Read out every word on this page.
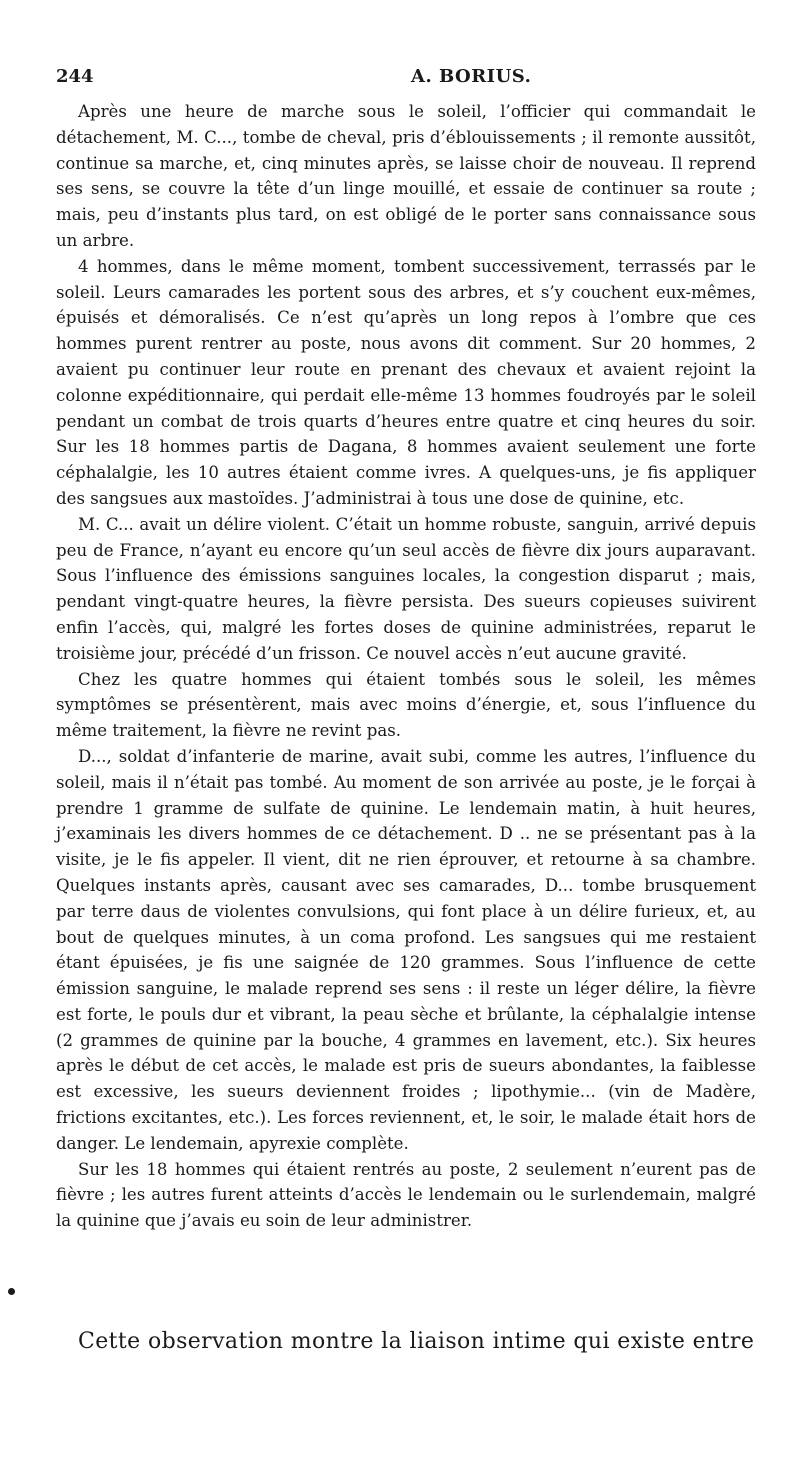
244	A. BORIUS.

Après une heure de marche sous le soleil, l’officier qui commandait le détachement, M. C..., tombe de cheval, pris d’éblouissements ; il remonte aussitôt, continue sa marche, et, cinq minutes après, se laisse choir de nouveau. Il reprend ses sens, se couvre la tête d’un linge mouillé, et essaie de continuer sa route ; mais, peu d’instants plus tard, on est obligé de le porter sans connaissance sous un arbre.

4 hommes, dans le même moment, tombent successivement, terrassés par le soleil. Leurs camarades les portent sous des arbres, et s’y couchent eux-mêmes, épuisés et démoralisés. Ce n’est qu’après un long repos à l’ombre que ces hommes purent rentrer au poste, nous avons dit comment. Sur 20 hommes, 2 avaient pu continuer leur route en prenant des chevaux et avaient rejoint la colonne expéditionnaire, qui perdait elle-même 13 hommes foudroyés par le soleil pendant un combat de trois quarts d’heures entre quatre et cinq heures du soir. Sur les 18 hommes partis de Dagana, 8 hommes avaient seulement une forte céphalalgie, les 10 autres étaient comme ivres. A quelques-uns, je fis appliquer des sangsues aux mastoïdes. J’administrai à tous une dose de quinine, etc.

M. C... avait un délire violent. C’était un homme robuste, sanguin, arrivé depuis peu de France, n’ayant eu encore qu’un seul accès de fièvre dix jours auparavant. Sous l’influence des émissions sanguines locales, la congestion disparut ; mais, pendant vingt-quatre heures, la fièvre persista. Des sueurs copieuses suivirent enfin l’accès, qui, malgré les fortes doses de quinine administrées, reparut le troisième jour, précédé d’un frisson. Ce nouvel accès n’eut aucune gravité.

Chez les quatre hommes qui étaient tombés sous le soleil, les mêmes symptômes se présentèrent, mais avec moins d’énergie, et, sous l’influence du même traitement, la fièvre ne revint pas.

D..., soldat d’infanterie de marine, avait subi, comme les autres, l’influence du soleil, mais il n’était pas tombé. Au moment de son arrivée au poste, je le forçai à prendre 1 gramme de sulfate de quinine. Le lendemain matin, à huit heures, j’examinais les divers hommes de ce détachement. D .. ne se présentant pas à la visite, je le fis appeler. Il vient, dit ne rien éprouver, et retourne à sa chambre. Quelques instants après, causant avec ses camarades, D... tombe brusquement par terre daus de violentes convulsions, qui font place à un délire furieux, et, au bout de quelques minutes, à un coma profond. Les sangsues qui me restaient étant épuisées, je fis une saignée de 120 grammes. Sous l’influence de cette émission sanguine, le malade reprend ses sens : il reste un léger délire, la fièvre est forte, le pouls dur et vibrant, la peau sèche et brûlante, la céphalalgie intense (2 grammes de quinine par la bouche, 4 grammes en lavement, etc.). Six heures après le début de cet accès, le malade est pris de sueurs abondantes, la faiblesse est excessive, les sueurs deviennent froides ; lipothymie... (vin de Madère, frictions excitantes, etc.). Les forces reviennent, et, le soir, le malade était hors de danger. Le lendemain, apyrexie complète.

Sur les 18 hommes qui étaient rentrés au poste, 2 seulement n’eurent pas de fièvre ; les autres furent atteints d’accès le lendemain ou le surlendemain, malgré la quinine que j’avais eu soin de leur administrer.

Cette observation montre la liaison intime qui existe entre
